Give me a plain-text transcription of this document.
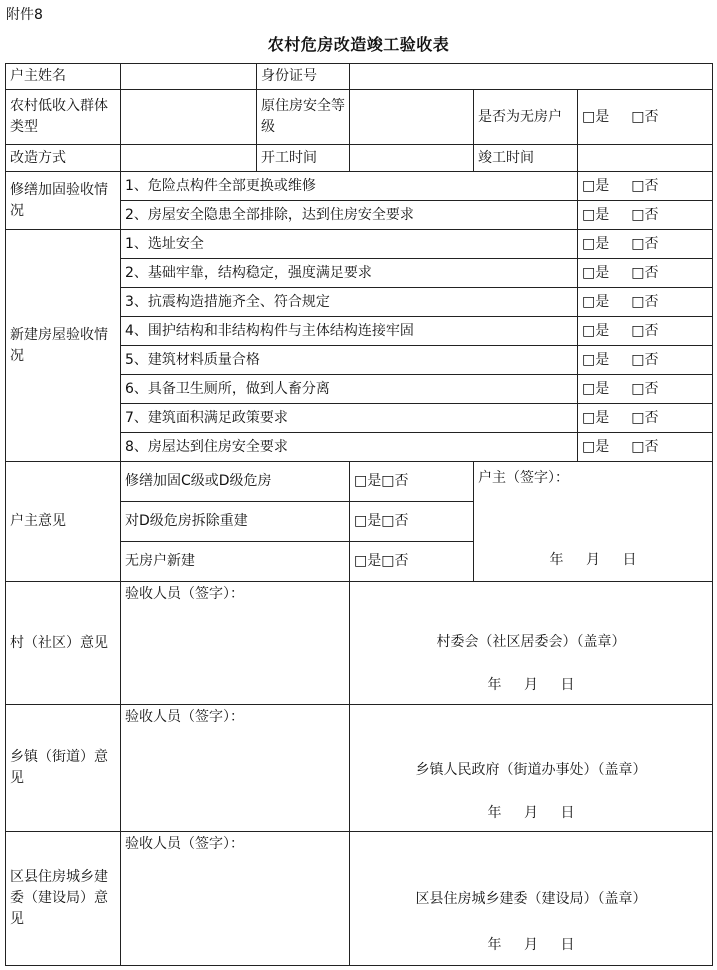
附件8
农村危房改造竣工验收表
户主姓名		身份证号			
农村低收入群体类型		原住房安全等级		是否为无房户	□是 □否
改造方式		开工时间		竣工时间	
修缮加固验收情况	1、危险点构件全部更换或维修				□是 □否
	2、房屋安全隐患全部排除，达到住房安全要求				□是 □否
新建房屋验收情况	1、选址安全				□是 □否
	2、基础牢靠，结构稳定，强度满足要求				□是 □否
	3、抗震构造措施齐全、符合规定				□是 □否
	4、围护结构和非结构构件与主体结构连接牢固				□是 □否
	5、建筑材料质量合格				□是 □否
	6、具备卫生厕所，做到人畜分离				□是 □否
	7、建筑面积满足政策要求				□是 □否
	8、房屋达到住房安全要求				□是 □否
户主意见	修缮加固C级或D级危房		□是□否	户主（签字）：
年 月 日	

	对D级危房拆除重建		□是□否		
	无房户新建		□是□否		
村（社区）意见	验收人员（签字）：		村委会（社区居委会）（盖章）
年 月 日		

乡镇（街道）意见	验收人员（签字）：		乡镇人民政府（街道办事处）（盖章）
年 月 日		

区县住房城乡建委（建设局）意见	验收人员（签字）：		区县住房城乡建委（建设局）（盖章）
年 月 日		
